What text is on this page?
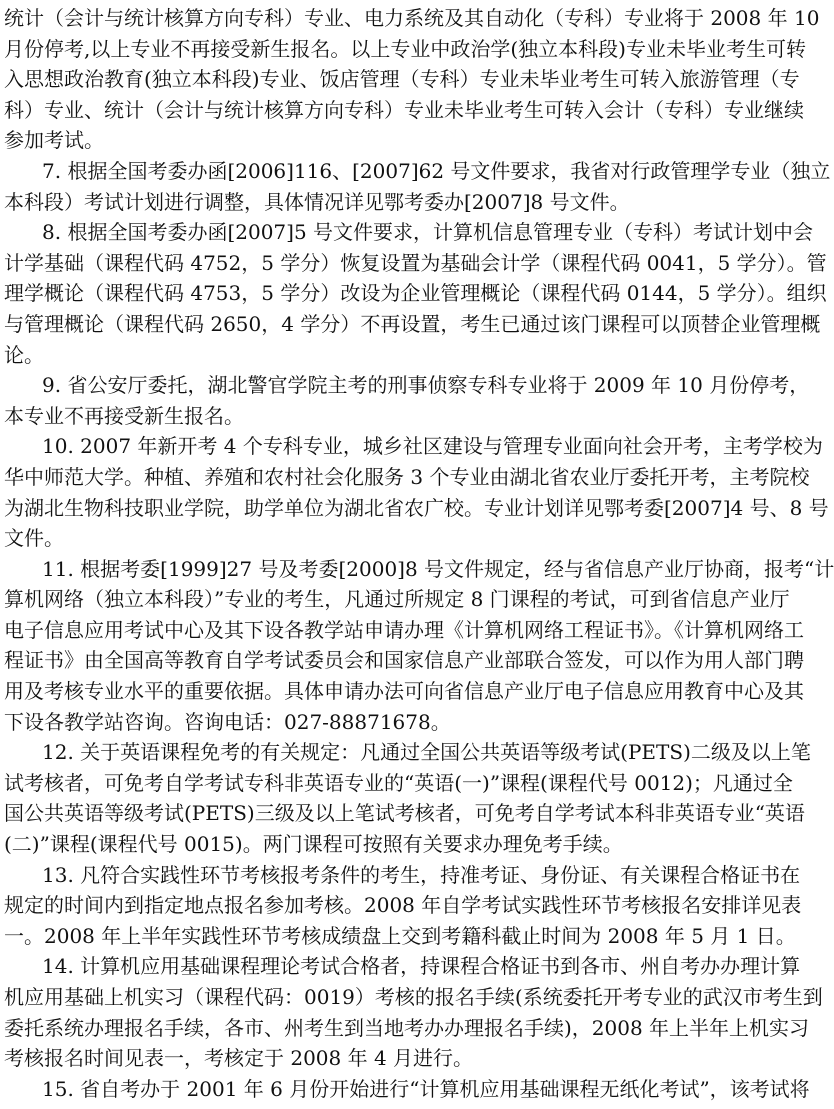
统计（会计与统计核算方向专科）专业、电力系统及其自动化（专科）专业将于 2008 年 10
月份停考,以上专业不再接受新生报名。以上专业中政治学(独立本科段)专业未毕业考生可转
入思想政治教育(独立本科段)专业、饭店管理（专科）专业未毕业考生可转入旅游管理（专
科）专业、统计（会计与统计核算方向专科）专业未毕业考生可转入会计（专科）专业继续
参加考试。
7. 根据全国考委办函[2006]116、[2007]62 号文件要求，我省对行政管理学专业（独立
本科段）考试计划进行调整，具体情况详见鄂考委办[2007]8 号文件。
8. 根据全国考委办函[2007]5 号文件要求，计算机信息管理专业（专科）考试计划中会
计学基础（课程代码 4752，5 学分）恢复设置为基础会计学（课程代码 0041，5 学分）。管
理学概论（课程代码 4753，5 学分）改设为企业管理概论（课程代码 0144，5 学分）。组织
与管理概论（课程代码 2650，4 学分）不再设置，考生已通过该门课程可以顶替企业管理概
论。
9. 省公安厅委托，湖北警官学院主考的刑事侦察专科专业将于 2009 年 10 月份停考，
本专业不再接受新生报名。
10. 2007 年新开考 4 个专科专业，城乡社区建设与管理专业面向社会开考，主考学校为
华中师范大学。种植、养殖和农村社会化服务 3 个专业由湖北省农业厅委托开考，主考院校
为湖北生物科技职业学院，助学单位为湖北省农广校。专业计划详见鄂考委[2007]4 号、8 号
文件。
11. 根据考委[1999]27 号及考委[2000]8 号文件规定，经与省信息产业厅协商，报考“计
算机网络（独立本科段）”专业的考生，凡通过所规定 8 门课程的考试，可到省信息产业厅
电子信息应用考试中心及其下设各教学站申请办理《计算机网络工程证书》。《计算机网络工
程证书》由全国高等教育自学考试委员会和国家信息产业部联合签发，可以作为用人部门聘
用及考核专业水平的重要依据。具体申请办法可向省信息产业厅电子信息应用教育中心及其
下设各教学站咨询。咨询电话：027-88871678。
12. 关于英语课程免考的有关规定：凡通过全国公共英语等级考试(PETS)二级及以上笔
试考核者，可免考自学考试专科非英语专业的“英语(一)”课程(课程代号 0012)；凡通过全
国公共英语等级考试(PETS)三级及以上笔试考核者，可免考自学考试本科非英语专业“英语
(二)”课程(课程代号 0015)。两门课程可按照有关要求办理免考手续。
13. 凡符合实践性环节考核报考条件的考生，持准考证、身份证、有关课程合格证书在
规定的时间内到指定地点报名参加考核。2008 年自学考试实践性环节考核报名安排详见表
一。2008 年上半年实践性环节考核成绩盘上交到考籍科截止时间为 2008 年 5 月 1 日。
14. 计算机应用基础课程理论考试合格者，持课程合格证书到各市、州自考办办理计算
机应用基础上机实习（课程代码：0019）考核的报名手续(系统委托开考专业的武汉市考生到
委托系统办理报名手续，各市、州考生到当地考办办理报名手续)，2008 年上半年上机实习
考核报名时间见表一，考核定于 2008 年 4 月进行。
15. 省自考办于 2001 年 6 月份开始进行“计算机应用基础课程无纸化考试”，该考试将
